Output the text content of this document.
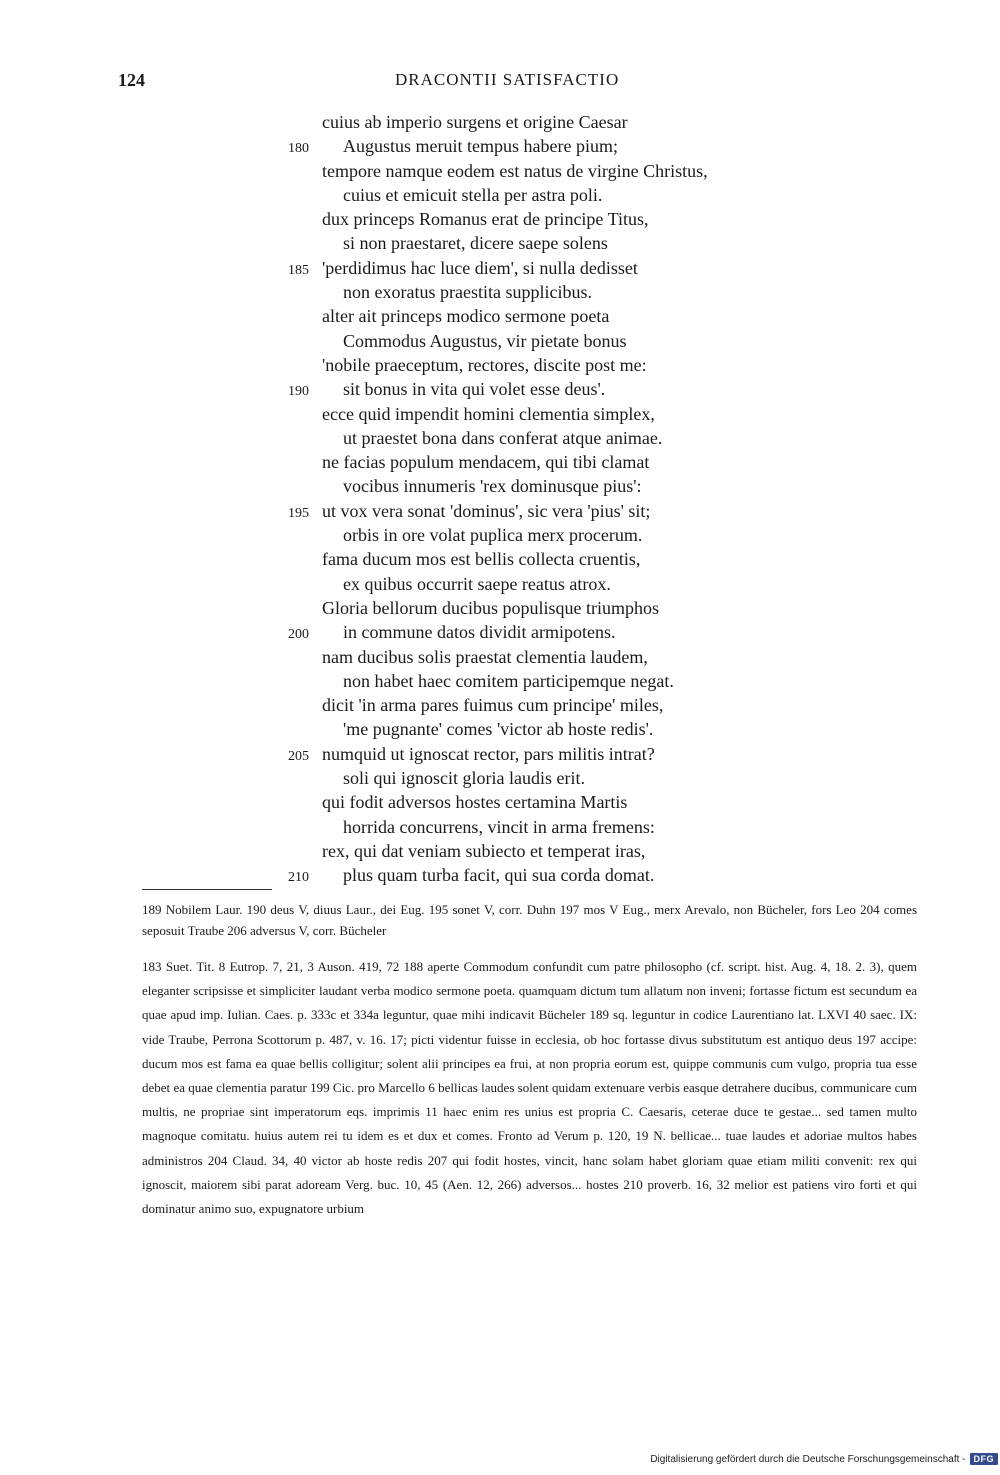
124	DRACONTII SATISFACTIO
cuius ab imperio surgens et origine Caesar
180 Augustus meruit tempus habere pium;
tempore namque eodem est natus de virgine Christus,
cuius et emicuit stella per astra poli.
dux princeps Romanus erat de principe Titus,
si non praestaret, dicere saepe solens
185 'perdidimus hac luce diem', si nulla dedisset
non exoratus praestita supplicibus.
alter ait princeps modico sermone poeta
Commodus Augustus, vir pietate bonus
'nobile praeceptum, rectores, discite post me:
190 sit bonus in vita qui volet esse deus'.
ecce quid impendit homini clementia simplex,
ut praestet bona dans conferat atque animae.
ne facias populum mendacem, qui tibi clamat
vocibus innumeris 'rex dominusque pius':
195 ut vox vera sonat 'dominus', sic vera 'pius' sit;
orbis in ore volat puplica merx procerum.
fama ducum mos est bellis collecta cruentis,
ex quibus occurrit saepe reatus atrox.
Gloria bellorum ducibus populisque triumphos
200 in commune datos dividit armipotens.
nam ducibus solis praestat clementia laudem,
non habet haec comitem participemque negat.
dicit 'in arma pares fuimus cum principe' miles,
'me pugnante' comes 'victor ab hoste redis'.
205 numquid ut ignoscat rector, pars militis intrat?
soli qui ignoscit gloria laudis erit.
qui fodit adversos hostes certamina Martis
horrida concurrens, vincit in arma fremens:
rex, qui dat veniam subiecto et temperat iras,
210 plus quam turba facit, qui sua corda domat.

189 Nobilem Laur. 190 deus V, diuus Laur., dei Eug. 195 sonet V, corr. Duhn 197 mos V Eug., merx Arevalo, non Bücheler, fors Leo 204 comes seposuit Traube 206 adversus V, corr. Bücheler

183 Suet. Tit. 8 Eutrop. 7, 21, 3 Auson. 419, 72 188 aperte Commodum confundit cum patre philosopho (cf. script. hist. Aug. 4, 18. 2. 3), quem eleganter scripsisse et simpliciter laudant verba modico sermone poeta. quamquam dictum tum allatum non inveni; fortasse fictum est secundum ea quae apud imp. Iulian. Caes. p. 333c et 334a leguntur, quae mihi indicavit Bücheler 189 sq. leguntur in codice Laurentiano lat. LXVI 40 saec. IX: vide Traube, Perrona Scottorum p. 487, v. 16. 17; picti videntur fuisse in ecclesia, ob hoc fortasse divus substitutum est antiquo deus 197 accipe: ducum mos est fama ea quae bellis colligitur; solent alii principes ea frui, at non propria eorum est, quippe communis cum vulgo, propria tua esse debet ea quae clementia paratur 199 Cic. pro Marcello 6 bellicas laudes solent quidam extenuare verbis easque detrahere ducibus, communicare cum multis, ne propriae sint imperatorum eqs. imprimis 11 haec enim res unius est propria C. Caesaris, ceterae duce te gestae... sed tamen multo magnoque comitatu. huius autem rei tu idem es et dux et comes. Fronto ad Verum p. 120, 19 N. bellicae... tuae laudes et adoriae multos habes administros 204 Claud. 34, 40 victor ab hoste redis 207 qui fodit hostes, vincit, hanc solam habet gloriam quae etiam militi convenit: rex qui ignoscit, maiorem sibi parat adoream Verg. buc. 10, 45 (Aen. 12, 266) adversos... hostes 210 proverb. 16, 32 melior est patiens viro forti et qui dominatur animo suo, expugnatore urbium

Digitalisierung gefördert durch die Deutsche Forschungsgemeinschaft - DFG
